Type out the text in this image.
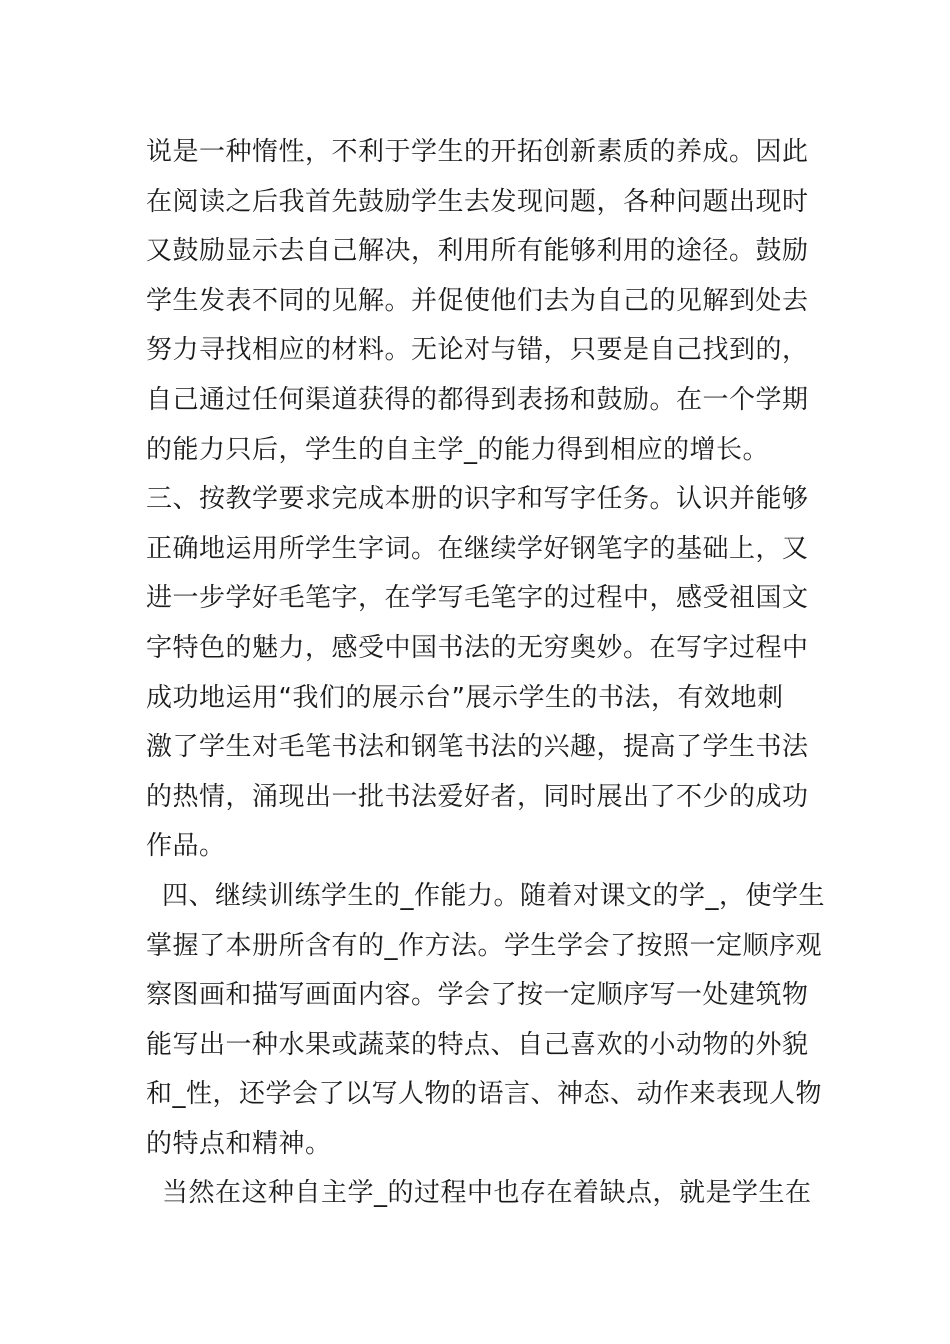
说是一种惰性，不利于学生的开拓创新素质的养成。因此
在阅读之后我首先鼓励学生去发现问题，各种问题出现时
又鼓励显示去自己解决，利用所有能够利用的途径。鼓励
学生发表不同的见解。并促使他们去为自己的见解到处去
努力寻找相应的材料。无论对与错，只要是自己找到的，
自己通过任何渠道获得的都得到表扬和鼓励。在一个学期
的能力只后，学生的自主学_的能力得到相应的增长。
三、按教学要求完成本册的识字和写字任务。认识并能够
正确地运用所学生字词。在继续学好钢笔字的基础上，又
进一步学好毛笔字，在学写毛笔字的过程中，感受祖国文
字特色的魅力，感受中国书法的无穷奥妙。在写字过程中
成功地运用“我们的展示台”展示学生的书法，有效地刺
激了学生对毛笔书法和钢笔书法的兴趣，提高了学生书法
的热情，涌现出一批书法爱好者，同时展出了不少的成功
作品。
四、继续训练学生的_作能力。随着对课文的学_，使学生
掌握了本册所含有的_作方法。学生学会了按照一定顺序观
察图画和描写画面内容。学会了按一定顺序写一处建筑物
能写出一种水果或蔬菜的特点、自己喜欢的小动物的外貌
和_性，还学会了以写人物的语言、神态、动作来表现人物
的特点和精神。
当然在这种自主学_的过程中也存在着缺点，就是学生在
